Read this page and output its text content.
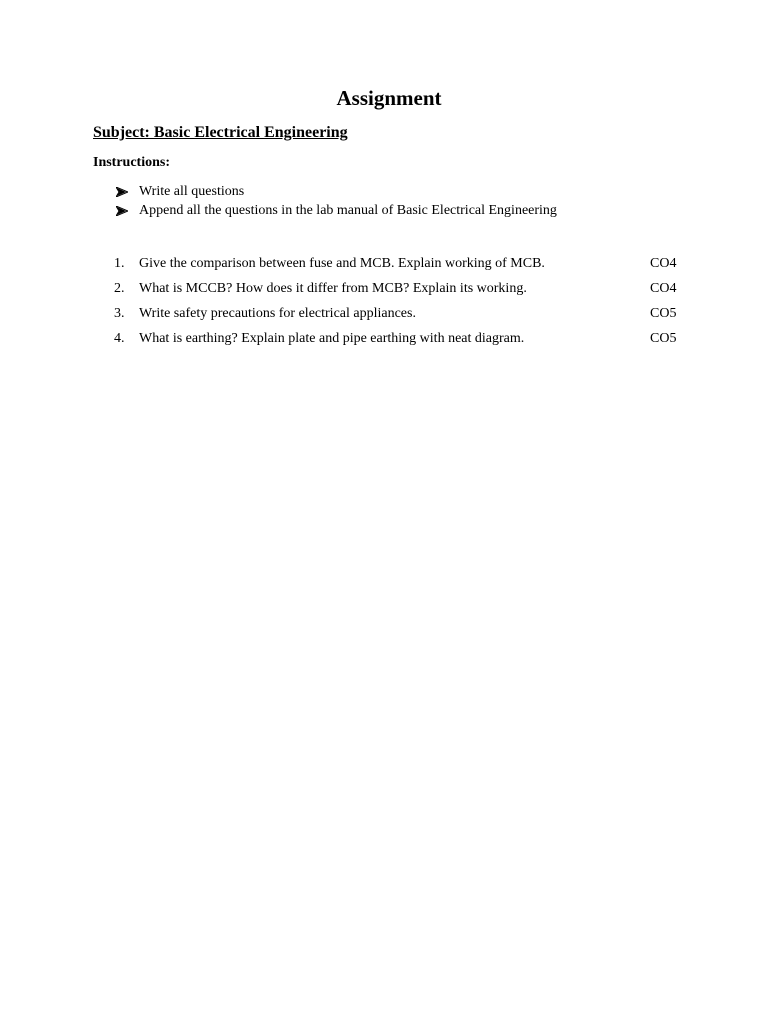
Assignment
Subject: Basic Electrical Engineering
Instructions:
Write all questions
Append all the questions in the lab manual of Basic Electrical Engineering
1. Give the comparison between fuse and MCB. Explain working of MCB.	CO4
2. What is MCCB? How does it differ from MCB? Explain its working.	CO4
3. Write safety precautions for electrical appliances.	CO5
4. What is earthing? Explain plate and pipe earthing with neat diagram.	CO5
